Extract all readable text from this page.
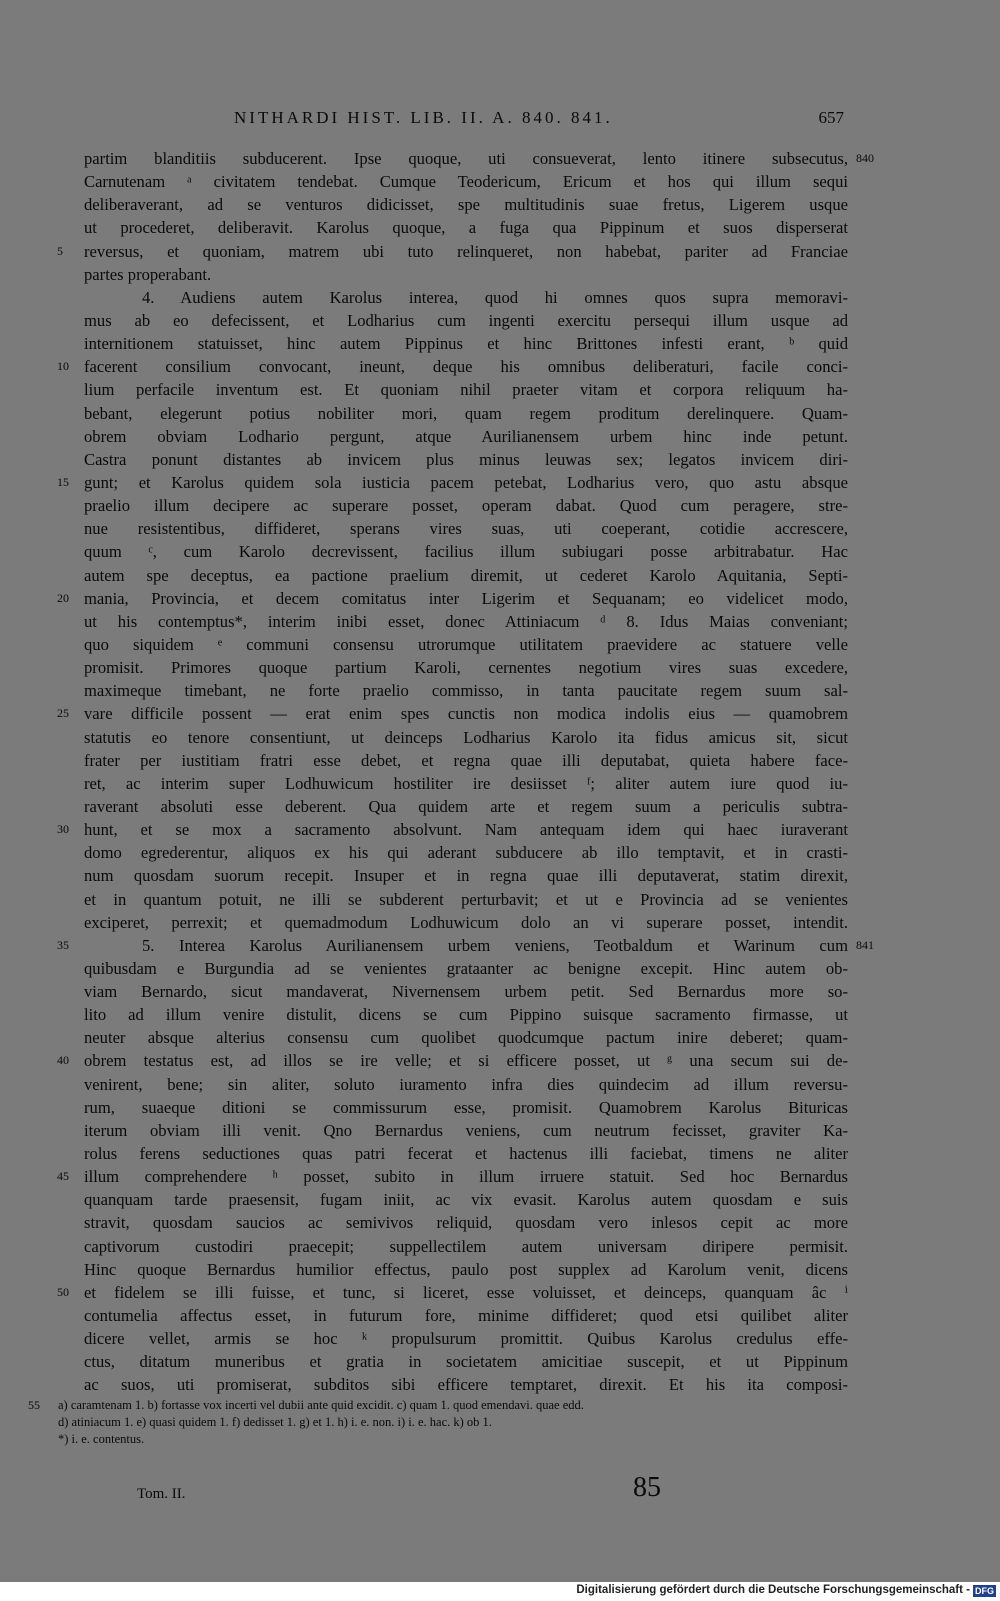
NITHARDI HIST. LIB. II. A. 840. 841.	657
partim blanditiis subducerent. Ipse quoque, uti consueverat, lento itinere subsecutus, 840
Carnutenam ᵃ civitatem tendebat. Cumque Teodericum, Ericum et hos qui illum sequi
deliberaverant, ad se venturos didicisset, spe multitudinis suae fretus, Ligerem usque
ut procederet, deliberavit. Karolus quoque, a fuga qua Pippinum et suos disperserat
reversus, et quoniam, matrem ubi tuto relinqueret, non habebat, pariter ad Franciae
5
partes properabant.
4. Audiens autem Karolus interea, quod hi omnes quos supra memoravi-
mus ab eo defecissent, et Lodharius cum ingenti exercitu persequi illum usque ad
internitionem statuisset, hinc autem Pippinus et hinc Brittones infesti erant, ᵇ quid
facerent consilium convocant, ineunt, deque his omnibus deliberaturi, facile conci-
10
lium perfacile inventum est. Et quoniam nihil praeter vitam et corpora reliquum ha-
bebant, elegerunt potius nobiliter mori, quam regem proditum derelinquere. Quam-
obrem obviam Lodhario pergunt, atque Aurilianensem urbem hinc inde petunt.
Castra ponunt distantes ab invicem plus minus leuwas sex; legatos invicem diri-
gunt; et Karolus quidem sola iusticia pacem petebat, Lodharius vero, quo astu absque
15
praelio illum decipere ac superare posset, operam dabat. Quod cum peragere, stre-
nue resistentibus, diffideret, sperans vires suas, uti coeperant, cotidie accrescere,
quum ᶜ, cum Karolo decrevissent, facilius illum subiugari posse arbitrabatur. Hac
autem spe deceptus, ea pactione praelium diremit, ut cederet Karolo Aquitania, Septi-
mania, Provincia, et decem comitatus inter Ligerim et Sequanam; eo videlicet modo,
20
ut his contemptus*, interim inibi esset, donec Attiniacum ᵈ 8. Idus Maias conveniant;
quo siquidem ᵉ communi consensu utrorumque utilitatem praevidere ac statuere velle
promisit. Primores quoque partium Karoli, cernentes negotium vires suas excedere,
maximeque timebant, ne forte praelio commisso, in tanta paucitate regem suum sal-
vare difficile possent — erat enim spes cunctis non modica indolis eius — quamobrem
25
statutis eo tenore consentiunt, ut deinceps Lodharius Karolo ita fidus amicus sit, sicut
frater per iustitiam fratri esse debet, et regna quae illi deputabat, quieta habere face-
ret, ac interim super Lodhuwicum hostiliter ire desiisset ᶠ; aliter autem iure quod iu-
raverant absoluti esse deberent. Qua quidem arte et regem suum a periculis subtra-
hunt, et se mox a sacramento absolvunt. Nam antequam idem qui haec iuraverant
30
domo egrederentur, aliquos ex his qui aderant subducere ab illo temptavit, et in crasti-
num quosdam suorum recepit. Insuper et in regna quae illi deputaverat, statim direxit,
et in quantum potuit, ne illi se subderent perturbavit; et ut e Provincia ad se venientes
exciperet, perrexit; et quemadmodum Lodhuwicum dolo an vi superare posset, intendit.
5. Interea Karolus Aurilianensem urbem veniens, Teotbaldum et Warinum cum
35	841
quibusdam e Burgundia ad se venientes grataanter ac benigne excepit. Hinc autem ob-
viam Bernardo, sicut mandaverat, Nivernensem urbem petit. Sed Bernardus more so-
lito ad illum venire distulit, dicens se cum Pippino suisque sacramento firmasse, ut
neuter absque alterius consensu cum quolibet quodcumque pactum inire deberet; quam-
obrem testatus est, ad illos se ire velle; et si efficere posset, ut ᵍ una secum sui de-
40
venirent, bene; sin aliter, soluto iuramento infra dies quindecim ad illum reversu-
rum, suaeque ditioni se commissurum esse, promisit. Quamobrem Karolus Bituricas
iterum obviam illi venit. Qno Bernardus veniens, cum neutrum fecisset, graviter Ka-
rolus ferens seductiones quas patri fecerat et hactenus illi faciebat, timens ne aliter
illum comprehendere ʰ posset, subito in illum irruere statuit. Sed hoc Bernardus
45
quanquam tarde praesensit, fugam iniit, ac vix evasit. Karolus autem quosdam e suis
stravit, quosdam saucios ac semivivos reliquid, quosdam vero inlesos cepit ac more
captivorum custodiri praecepit; suppellectilem autem universam diripere permisit.
Hinc quoque Bernardus humilior effectus, paulo post supplex ad Karolum venit, dicens
et fidelem se illi fuisse, et tunc, si liceret, esse voluisset, et deinceps, quanquam âc ⁱ
50
contumelia affectus esset, in futurum fore, minime diffideret; quod etsi quilibet aliter
dicere vellet, armis se hoc ᵏ propulsurum promittit. Quibus Karolus credulus effe-
ctus, ditatum muneribus et gratia in societatem amicitiae suscepit, et ut Pippinum
ac suos, uti promiserat, subditos sibi efficere temptaret, direxit. Et his ita composi-
a) caramtenam 1. b) fortasse vox incerti vel dubii ante quid excidit. c) quam 1. quod emendavi. quae edd.
55
d) atiniacum 1. e) quasi quidem 1. f) dedisset 1. g) et 1. h) i. e. non. i) i. e. hac. k) ob 1.
*) i. e. contentus.
Tom. II.	85
Digitalisierung gefördert durch die Deutsche Forschungsgemeinschaft - DFG
